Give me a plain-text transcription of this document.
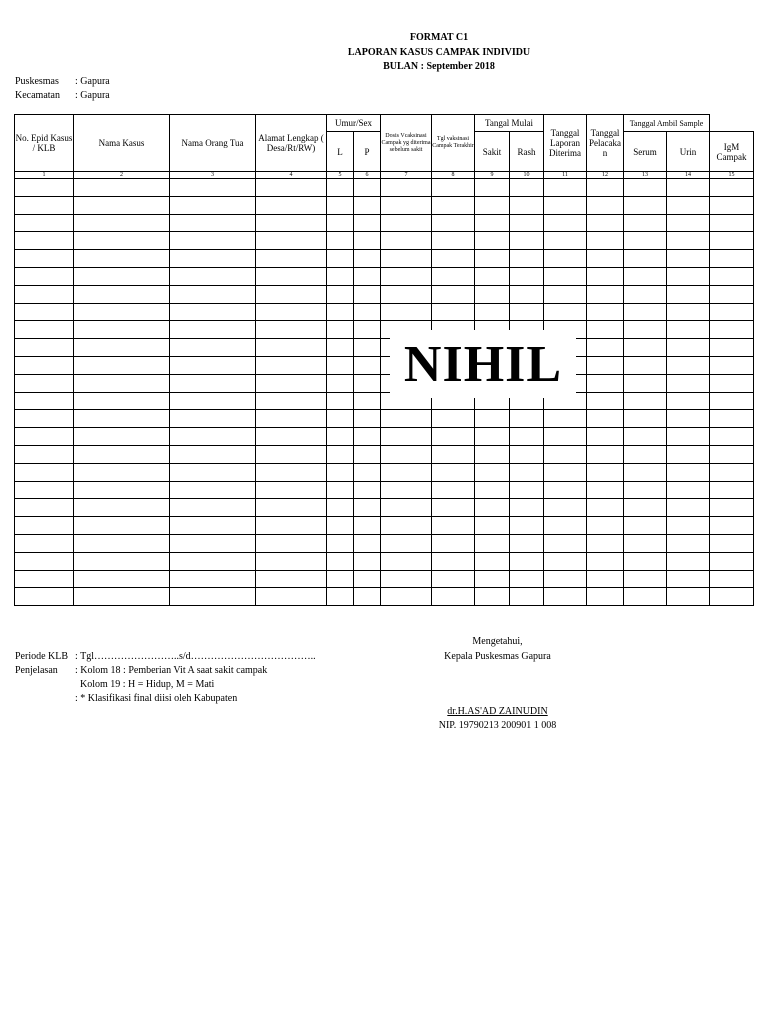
FORMAT C1
LAPORAN KASUS CAMPAK INDIVIDU
BULAN : September 2018
Puskesmas : Gapura
Kecamatan : Gapura
No. Epid Kasus / KLB	Nama Kasus	Nama Orang Tua	Alamat Lengkap ( Desa/Rt/RW)	Umur/Sex		Dosis Vcaksinasi Campak yg diterima sebelum sakit	Tgl vaksinasi Campak Terakhir	Tangal Mulai		Tanggal Laporan Diterima	Tanggal Pelacaka n	Tanggal Ambil Sample		
				L	P			Sakit	Rash			Serum	Urin	IgM Campak
1	2	3	4	5	6	7	8	9	10	11	12	13	14	15

NIHIL
Periode KLB : Tgl……………………..s/d………………………………..
Penjelasan : Kolom 18 : Pemberian Vit A saat sakit campak
Kolom 19 : H = Hidup, M = Mati
: * Klasifikasi final diisi oleh Kabupaten
Mengetahui,
Kepala Puskesmas Gapura
dr.H.AS'AD ZAINUDIN
NIP. 19790213 200901 1 008
